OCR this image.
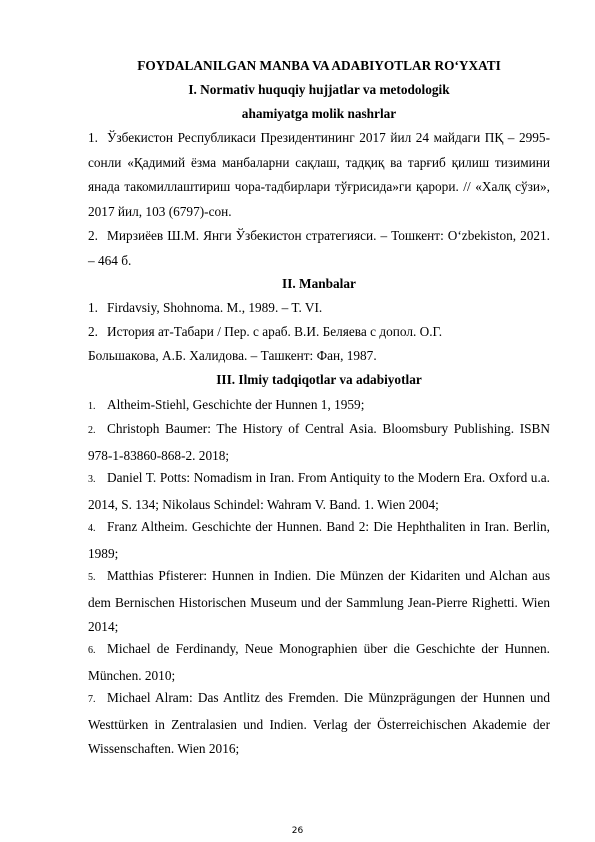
FOYDALANILGAN MANBA VA ADABIYOTLAR RO‘YXATI
I. Normativ huquqiy hujjatlar va metodologik
ahamiyatga molik nashrlar
1. Ўзбекистон Республикаси Президентининг 2017 йил 24 майдаги ПҚ – 2995-сонли «Қадимий ёзма манбаларни сақлаш, тадқиқ ва тарғиб қилиш тизимини янада такомиллаштириш чора-тадбирлари тўғрисида»ги қарори. // «Халқ сўзи», 2017 йил, 103 (6797)-сон.
2. Мирзиёев Ш.М. Янги Ўзбекистон стратегияси. – Тошкент: O‘zbekiston, 2021. – 464 б.
II. Manbalar
1. Firdavsiy, Shohnoma. M., 1989. – T. VI.
2. История ат-Табари / Пер. с араб. В.И. Беляева с допол. О.Г.
Большакова, А.Б. Халидова. – Ташкент: Фан, 1987.
III. Ilmiy tadqiqotlar va adabiyotlar
1. Altheim-Stiehl, Geschichte der Hunnen 1, 1959;
2. Christoph Baumer: The History of Central Asia. Bloomsbury Publishing. ISBN 978-1-83860-868-2. 2018;
3. Daniel T. Potts: Nomadism in Iran. From Antiquity to the Modern Era. Oxford u.a. 2014, S. 134; Nikolaus Schindel: Wahram V. Band. 1. Wien 2004;
4. Franz Altheim. Geschichte der Hunnen. Band 2: Die Hephthaliten in Iran. Berlin, 1989;
5. Matthias Pfisterer: Hunnen in Indien. Die Münzen der Kidariten und Alchan aus dem Bernischen Historischen Museum und der Sammlung Jean-Pierre Righetti. Wien 2014;
6. Michael de Ferdinandy, Neue Monographien über die Geschichte der Hunnen. München. 2010;
7. Michael Alram: Das Antlitz des Fremden. Die Münzprägungen der Hunnen und Westtürken in Zentralasien und Indien. Verlag der Österreichischen Akademie der Wissenschaften. Wien 2016;
26
